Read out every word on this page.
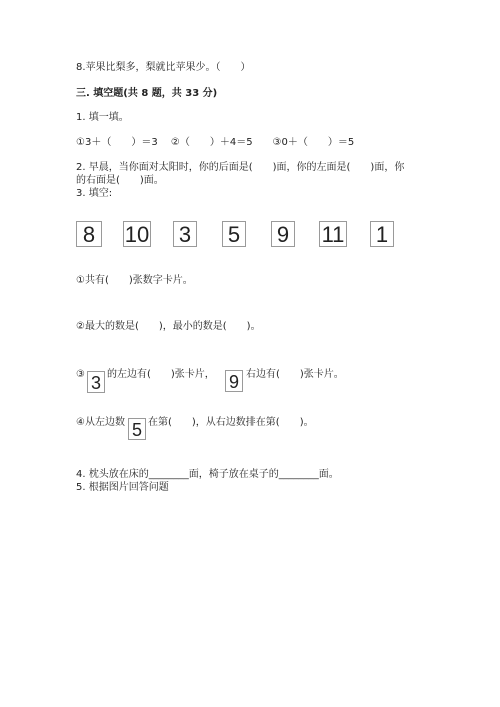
8.苹果比梨多，梨就比苹果少。（　　）
三. 填空题(共 8 题，共 33 分)
1. 填一填。
①3＋（　　）＝3　 ②（　　）＋4＝5　　③0＋（　　）＝5
2. 早晨，当你面对太阳时，你的后面是(　　)面，你的左面是(　　)面，你
的右面是(　　)面。
3. 填空:
8	10 3 5 9 11 1
①共有(　　)张数字卡片。
②最大的数是(　　)，最小的数是(　　)。
③ 3 的左边有(　　)张卡片， 9 右边有(　　)张卡片。
④从左边数 5 在第(　　)，从右边数排在第(　　)。
4. 枕头放在床的________面，椅子放在桌子的________面。
5. 根据图片回答问题
